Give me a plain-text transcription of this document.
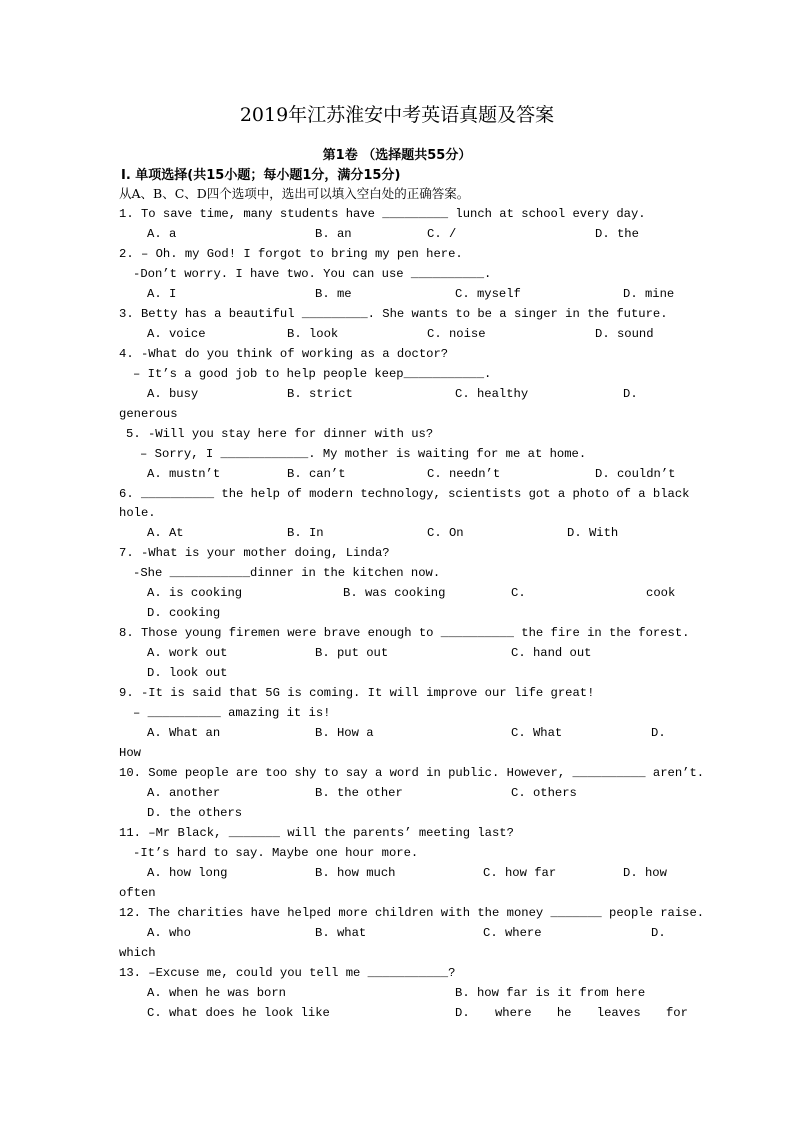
2019年江苏淮安中考英语真题及答案
第1卷 （选择题共55分）
Ⅰ. 单项选择(共15小题；每小题1分，满分15分)
从A、B、C、D四个选项中，选出可以填入空白处的正确答案。
1. To save time, many students have _________ lunch at school every day.
A. a	B. an	C. /	D. the
2. – Oh. my God! I forgot to bring my pen here.
-Don’t worry. I have two. You can use __________.
A. I	B. me	C. myself	D. mine
3. Betty has a beautiful _________. She wants to be a singer in the future.
A. voice	B. look	C. noise	D. sound
4. -What do you think of working as a doctor?
– It’s a good job to help people keep___________.
A. busy	B. strict	C. healthy	D.
generous
5. -Will you stay here for dinner with us?
– Sorry, I ____________. My mother is waiting for me at home.
A. mustn’t	B. can’t	C. needn’t	D. couldn’t
6. __________ the help of modern technology, scientists got a photo of a black
hole.
A. At	B. In	C. On	D. With
7. -What is your mother doing, Linda?
-She ___________dinner in the kitchen now.
A. is cooking	B. was cooking	C.	cook
D. cooking
8. Those young firemen were brave enough to __________ the fire in the forest.
A. work out	B. put out	C. hand out
D. look out
9. -It is said that 5G is coming. It will improve our life great!
– __________ amazing it is!
A. What an	B. How a	C. What	D.
How
10. Some people are too shy to say a word in public. However, __________ aren’t.
A. another	B. the other	C. others
D. the others
11. –Mr Black, _______ will the parents’ meeting last?
-It’s hard to say. Maybe one hour more.
A. how long	B. how much	C. how far	D. how
often
12. The charities have helped more children with the money _______ people raise.
A. who	B. what	C. where	D.
which
13. –Excuse me, could you tell me ___________?
A. when he was born	B. how far is it from here
C. what does he look like	D. where he leaves for
